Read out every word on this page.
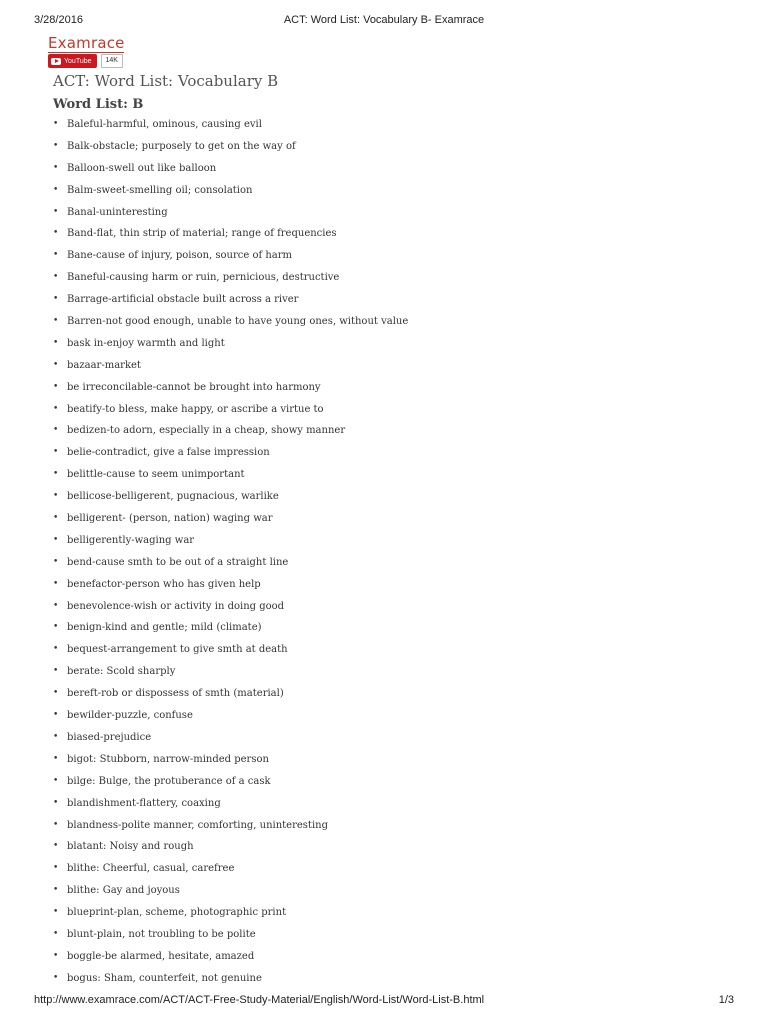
3/28/2016	ACT: Word List: Vocabulary B- Examrace
Examrace
YouTube	14K
ACT: Word List: Vocabulary B
Word List: B
• Baleful-harmful, ominous, causing evil
• Balk-obstacle; purposely to get on the way of
• Balloon-swell out like balloon
• Balm-sweet-smelling oil; consolation
• Banal-uninteresting
• Band-flat, thin strip of material; range of frequencies
• Bane-cause of injury, poison, source of harm
• Baneful-causing harm or ruin, pernicious, destructive
• Barrage-artificial obstacle built across a river
• Barren-not good enough, unable to have young ones, without value
• bask in-enjoy warmth and light
• bazaar-market
• be irreconcilable-cannot be brought into harmony
• beatify-to bless, make happy, or ascribe a virtue to
• bedizen-to adorn, especially in a cheap, showy manner
• belie-contradict, give a false impression
• belittle-cause to seem unimportant
• bellicose-belligerent, pugnacious, warlike
• belligerent- (person, nation) waging war
• belligerently-waging war
• bend-cause smth to be out of a straight line
• benefactor-person who has given help
• benevolence-wish or activity in doing good
• benign-kind and gentle; mild (climate)
• bequest-arrangement to give smth at death
• berate: Scold sharply
• bereft-rob or dispossess of smth (material)
• bewilder-puzzle, confuse
• biased-prejudice
• bigot: Stubborn, narrow-minded person
• bilge: Bulge, the protuberance of a cask
• blandishment-flattery, coaxing
• blandness-polite manner, comforting, uninteresting
• blatant: Noisy and rough
• blithe: Cheerful, casual, carefree
• blithe: Gay and joyous
• blueprint-plan, scheme, photographic print
• blunt-plain, not troubling to be polite
• boggle-be alarmed, hesitate, amazed
• bogus: Sham, counterfeit, not genuine
http://www.examrace.com/ACT/ACT-Free-Study-Material/English/Word-List/Word-List-B.html	1/3
